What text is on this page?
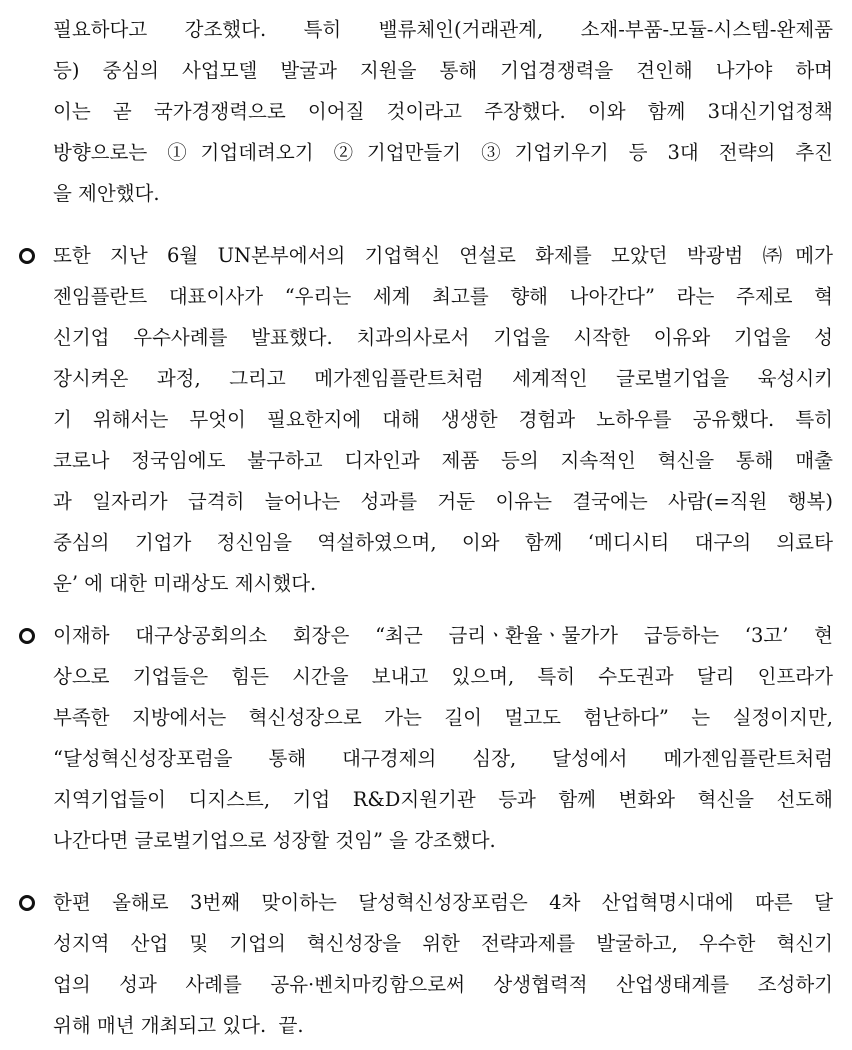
필요하다고 강조했다. 특히 밸류체인(거래관계, 소재-부품-모듈-시스템-완제품
등) 중심의 사업모델 발굴과 지원을 통해 기업경쟁력을 견인해 나가야 하며
이는 곧 국가경쟁력으로 이어질 것이라고 주장했다. 이와 함께 3대신기업정책
방향으로는 ①기업데려오기 ②기업만들기 ③기업키우기 등 3대 전략의 추진
을 제안했다.
또한 지난 6월 UN본부에서의 기업혁신 연설로 화제를 모았던 박광범 ㈜메가
젠임플란트 대표이사가 “우리는 세계 최고를 향해 나아간다” 라는 주제로 혁
신기업 우수사례를 발표했다. 치과의사로서 기업을 시작한 이유와 기업을 성
장시켜온 과정, 그리고 메가젠임플란트처럼 세계적인 글로벌기업을 육성시키
기 위해서는 무엇이 필요한지에 대해 생생한 경험과 노하우를 공유했다. 특히
코로나 정국임에도 불구하고 디자인과 제품 등의 지속적인 혁신을 통해 매출
과 일자리가 급격히 늘어나는 성과를 거둔 이유는 결국에는 사람(=직원 행복)
중심의 기업가 정신임을 역설하였으며, 이와 함께 ‘메디시티 대구의 의료타
운’ 에 대한 미래상도 제시했다.
이재하 대구상공회의소 회장은 “최근 금리ㆍ환율ㆍ물가가 급등하는 ‘3고’ 현
상으로 기업들은 힘든 시간을 보내고 있으며, 특히 수도권과 달리 인프라가
부족한 지방에서는 혁신성장으로 가는 길이 멀고도 험난하다” 는 실정이지만,
“달성혁신성장포럼을 통해 대구경제의 심장, 달성에서 메가젠임플란트처럼
지역기업들이 디지스트, 기업 R&D지원기관 등과 함께 변화와 혁신을 선도해
나간다면 글로벌기업으로 성장할 것임” 을 강조했다.
한편 올해로 3번째 맞이하는 달성혁신성장포럼은 4차 산업혁명시대에 따른 달
성지역 산업 및 기업의 혁신성장을 위한 전략과제를 발굴하고, 우수한 혁신기
업의 성과 사례를 공유·벤치마킹함으로써 상생협력적 산업생태계를 조성하기
위해 매년 개최되고 있다.  끝.
